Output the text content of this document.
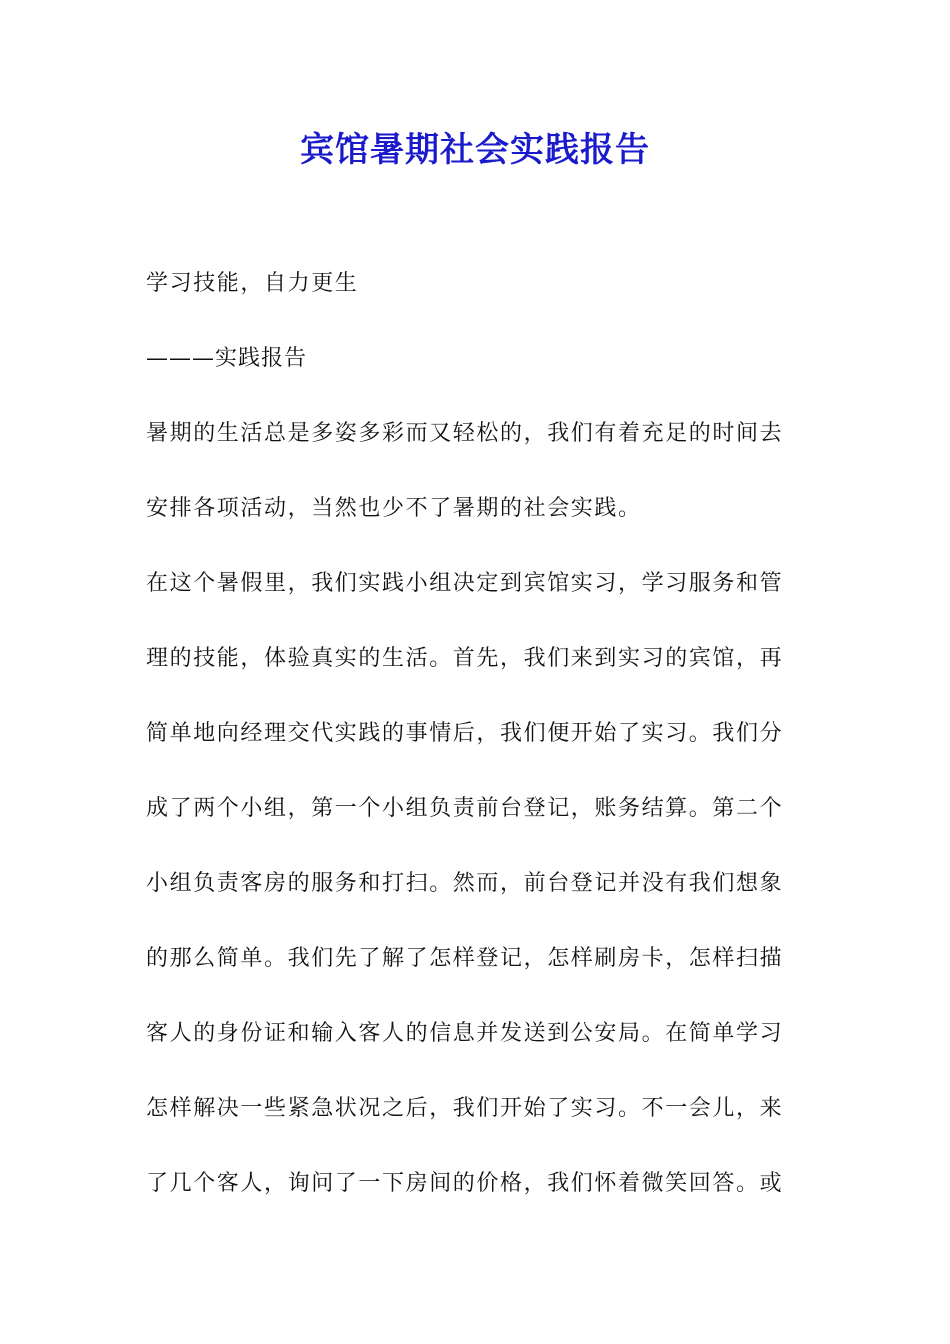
宾馆暑期社会实践报告

学习技能，自力更生

———实践报告

暑期的生活总是多姿多彩而又轻松的，我们有着充足的时间去

安排各项活动，当然也少不了暑期的社会实践。

在这个暑假里，我们实践小组决定到宾馆实习，学习服务和管

理的技能，体验真实的生活。首先，我们来到实习的宾馆，再

简单地向经理交代实践的事情后，我们便开始了实习。我们分

成了两个小组，第一个小组负责前台登记，账务结算。第二个

小组负责客房的服务和打扫。然而，前台登记并没有我们想象

的那么简单。我们先了解了怎样登记，怎样刷房卡，怎样扫描

客人的身份证和输入客人的信息并发送到公安局。在简单学习

怎样解决一些紧急状况之后，我们开始了实习。不一会儿，来

了几个客人，询问了一下房间的价格，我们怀着微笑回答。或
